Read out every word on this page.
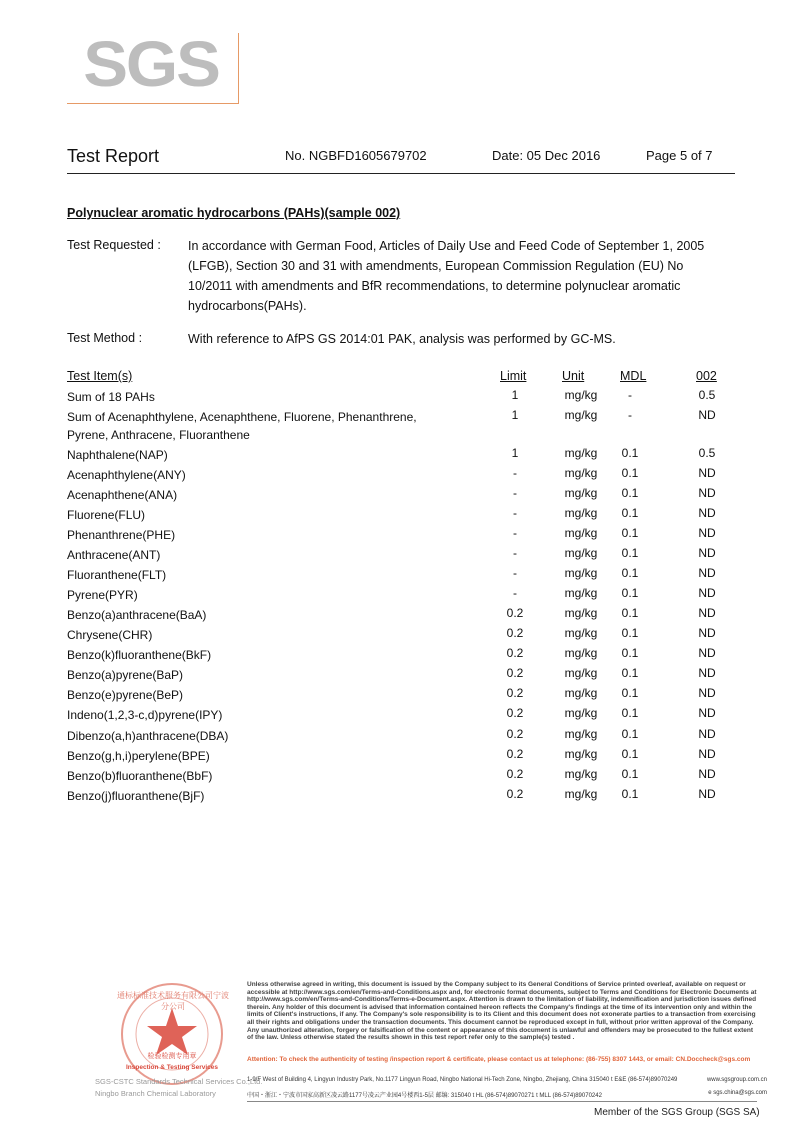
SGS
Test Report	No. NGBFD1605679702	Date: 05 Dec 2016	Page 5 of 7
Polynuclear aromatic hydrocarbons (PAHs)(sample 002)
Test Requested : In accordance with German Food, Articles of Daily Use and Feed Code of September 1, 2005
(LFGB), Section 30 and 31 with amendments, European Commission Regulation (EU) No
10/2011 with amendments and BfR recommendations, to determine polynuclear aromatic
hydrocarbons(PAHs).
Test Method :	With reference to AfPS GS 2014:01 PAK, analysis was performed by GC-MS.
Test Item(s)	Limit	Unit	MDL	002
Sum of 18 PAHs	1	mg/kg	-	0.5
Sum of Acenaphthylene, Acenaphthene, Fluorene, Phenanthrene,
Pyrene, Anthracene, Fluoranthene
1	mg/kg	-	ND
Naphthalene(NAP)	1	mg/kg	0.1	0.5
Acenaphthylene(ANY)	-	mg/kg	0.1	ND
Acenaphthene(ANA)	-	mg/kg	0.1	ND
Fluorene(FLU)	-	mg/kg	0.1	ND
Phenanthrene(PHE)	-	mg/kg	0.1	ND
Anthracene(ANT)	-	mg/kg	0.1	ND
Fluoranthene(FLT)	-	mg/kg	0.1	ND
Pyrene(PYR)	-	mg/kg	0.1	ND
Benzo(a)anthracene(BaA)	0.2	mg/kg	0.1	ND
Chrysene(CHR)	0.2	mg/kg	0.1	ND
Benzo(k)fluoranthene(BkF)	0.2	mg/kg	0.1	ND
Benzo(a)pyrene(BaP)	0.2	mg/kg	0.1	ND
Benzo(e)pyrene(BeP)	0.2	mg/kg	0.1	ND
Indeno(1,2,3-c,d)pyrene(IPY)	0.2	mg/kg	0.1	ND
Dibenzo(a,h)anthracene(DBA)	0.2	mg/kg	0.1	ND
Benzo(g,h,i)perylene(BPE)	0.2	mg/kg	0.1	ND
Benzo(b)fluoranthene(BbF)	0.2	mg/kg	0.1	ND
Benzo(j)fluoranthene(BjF)	0.2	mg/kg	0.1	ND
通标标准技术服务有限公司宁波分公司
检验检测专用章
Inspection & Testing Services
SGS-CSTC Standards Technical Services Co.,Ltd.
Ningbo Branch Chemical Laboratory
Unless otherwise agreed in writing, this document is issued by the Company subject to its General Conditions of Service printed overleaf, available on request or accessible at http://www.sgs.com/en/Terms-and-Conditions.aspx and, for electronic format documents, subject to Terms and Conditions for Electronic Documents at http://www.sgs.com/en/Terms-and-Conditions/Terms-e-Document.aspx. Attention is drawn to the limitation of liability, indemnification and jurisdiction issues defined therein. Any holder of this document is advised that information contained hereon reflects the Company's findings at the time of its intervention only and within the limits of Client's instructions, if any. The Company's sole responsibility is to its Client and this document does not exonerate parties to a transaction from exercising all their rights and obligations under the transaction documents. This document cannot be reproduced except in full, without prior written approval of the Company. Any unauthorized alteration, forgery or falsification of the content or appearance of this document is unlawful and offenders may be prosecuted to the fullest extent of the law. Unless otherwise stated the results shown in this test report refer only to the sample(s) tested .
Attention: To check the authenticity of testing /inspection report & certificate, please contact us at telephone: (86-755) 8307 1443, or email: CN.Doccheck@sgs.com
1-9/F West of Building 4, Lingyun Industry Park, No.1177 Lingyun Road, Ningbo National Hi-Tech Zone, Ningbo, Zhejiang, China 315040 t E&E (86-574)89070249	www.sgsgroup.com.cn
中国・浙江・宁波市国家高新区凌云路1177号凌云产业园4号楼西1-5层 邮编: 315040 t HL (86-574)89070271 t MLL (86-574)89070242	e sgs.china@sgs.com
Member of the SGS Group (SGS SA)
